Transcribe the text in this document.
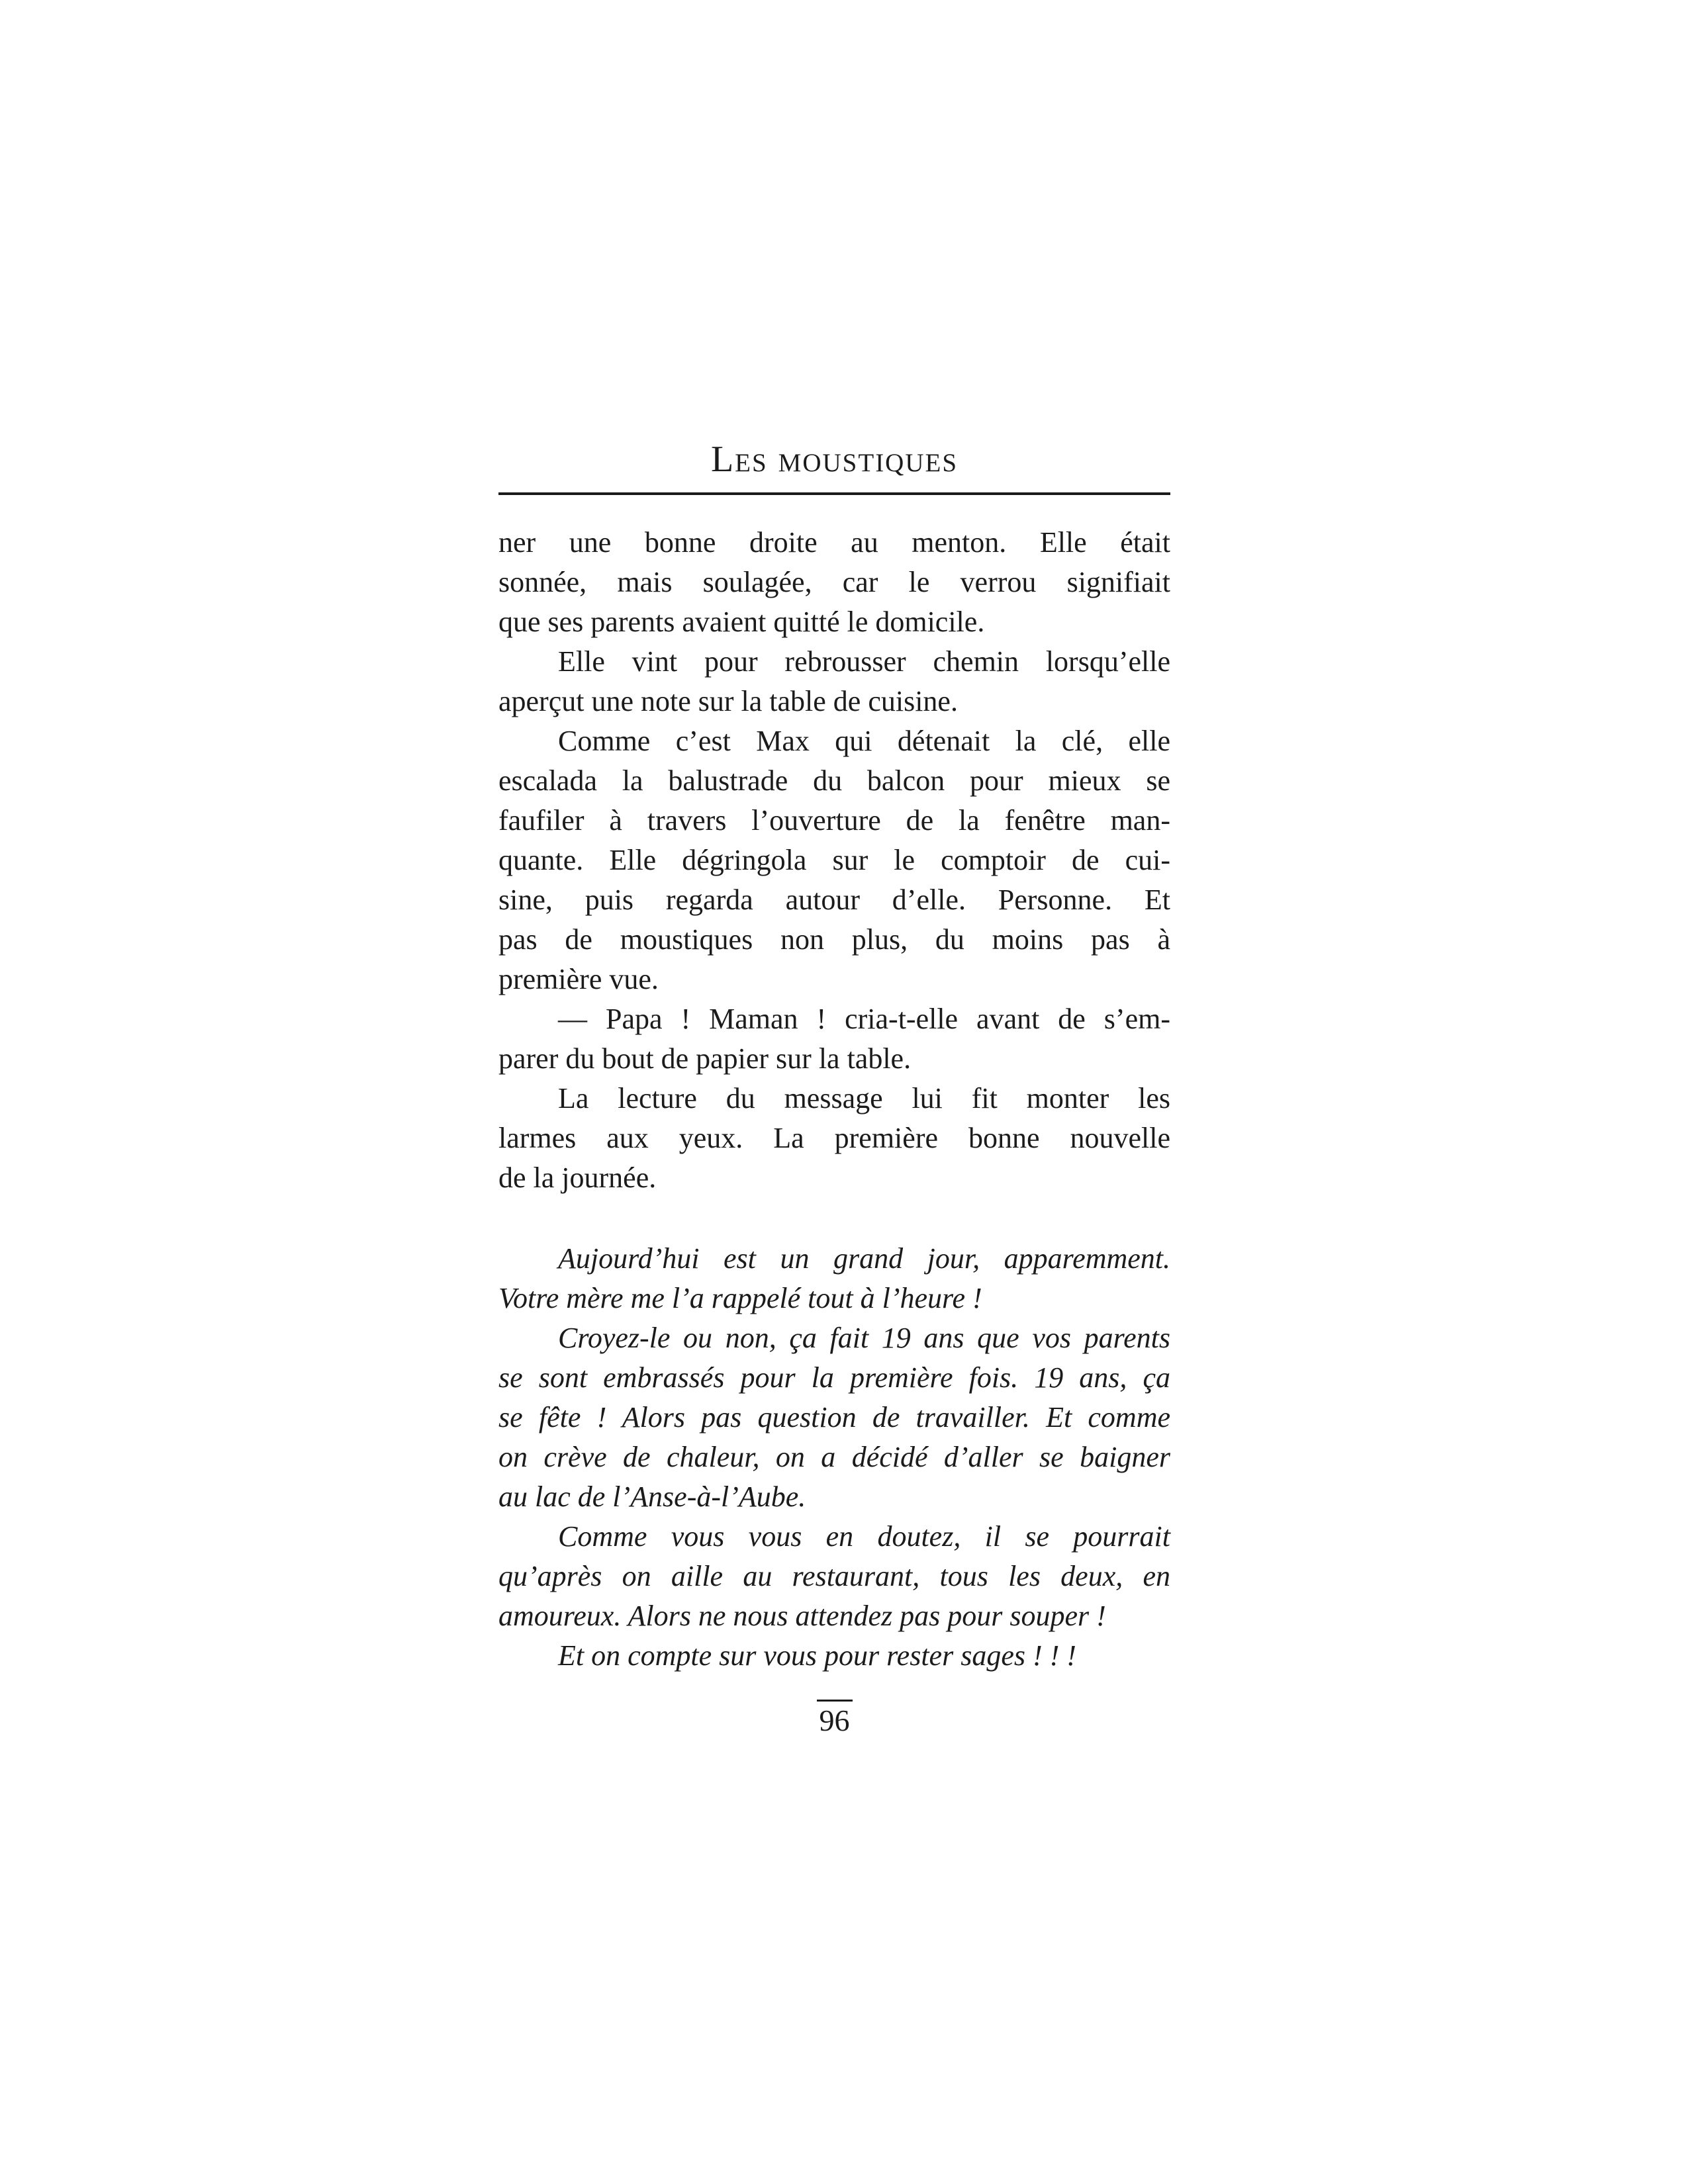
Les moustiques
ner une bonne droite au menton. Elle était
sonnée, mais soulagée, car le verrou signifiait
que ses parents avaient quitté le domicile.
Elle vint pour rebrousser chemin lorsqu’elle
aperçut une note sur la table de cuisine.
Comme c’est Max qui détenait la clé, elle
escalada la balustrade du balcon pour mieux se
faufiler à travers l’ouverture de la fenêtre man-
quante. Elle dégringola sur le comptoir de cui-
sine, puis regarda autour d’elle. Personne. Et
pas de moustiques non plus, du moins pas à
première vue.
— Papa ! Maman ! cria-t-elle avant de s’em-
parer du bout de papier sur la table.
La lecture du message lui fit monter les
larmes aux yeux. La première bonne nouvelle
de la journée.
Aujourd’hui est un grand jour, apparemment.
Votre mère me l’a rappelé tout à l’heure !
Croyez-le ou non, ça fait 19 ans que vos parents
se sont embrassés pour la première fois. 19 ans, ça
se fête ! Alors pas question de travailler. Et comme
on crève de chaleur, on a décidé d’aller se baigner
au lac de l’Anse-à-l’Aube.
Comme vous vous en doutez, il se pourrait
qu’après on aille au restaurant, tous les deux, en
amoureux. Alors ne nous attendez pas pour souper !
Et on compte sur vous pour rester sages ! ! !
96
